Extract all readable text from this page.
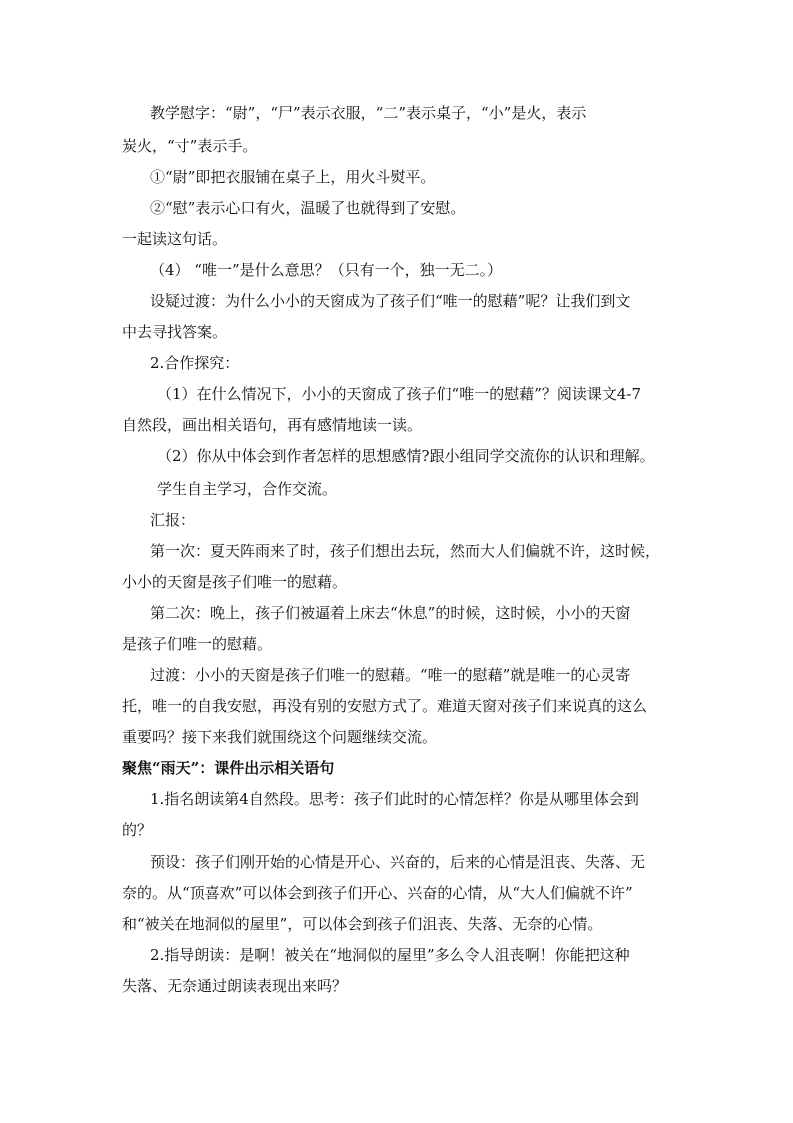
教学慰字：“尉”，“尸”表示衣服，“二”表示桌子，“小”是火，表示
炭火，“寸”表示手。
①“尉”即把衣服铺在桌子上，用火斗熨平。
②“慰”表示心口有火，温暖了也就得到了安慰。
一起读这句话。
（4） “唯一”是什么意思？（只有一个，独一无二。）
设疑过渡：为什么小小的天窗成为了孩子们“唯一的慰藉”呢？让我们到文
中去寻找答案。
2.合作探究：
（1）在什么情况下，小小的天窗成了孩子们“唯一的慰藉”？阅读课文4-7
自然段，画出相关语句，再有感情地读一读。
（2）你从中体会到作者怎样的思想感情?跟小组同学交流你的认识和理解。
学生自主学习，合作交流。
汇报：
第一次：夏天阵雨来了时，孩子们想出去玩，然而大人们偏就不许，这时候，
小小的天窗是孩子们唯一的慰藉。
第二次：晚上，孩子们被逼着上床去“休息”的时候，这时候，小小的天窗
是孩子们唯一的慰藉。
过渡：小小的天窗是孩子们唯一的慰藉。“唯一的慰藉”就是唯一的心灵寄
托，唯一的自我安慰，再没有别的安慰方式了。难道天窗对孩子们来说真的这么
重要吗？接下来我们就围绕这个问题继续交流。
聚焦“雨天”：课件出示相关语句
1.指名朗读第4自然段。思考：孩子们此时的心情怎样？你是从哪里体会到
的？
预设：孩子们刚开始的心情是开心、兴奋的，后来的心情是沮丧、失落、无
奈的。从“顶喜欢”可以体会到孩子们开心、兴奋的心情，从“大人们偏就不许”
和“被关在地洞似的屋里”，可以体会到孩子们沮丧、失落、无奈的心情。
2.指导朗读：是啊！被关在“地洞似的屋里”多么令人沮丧啊！你能把这种
失落、无奈通过朗读表现出来吗？
